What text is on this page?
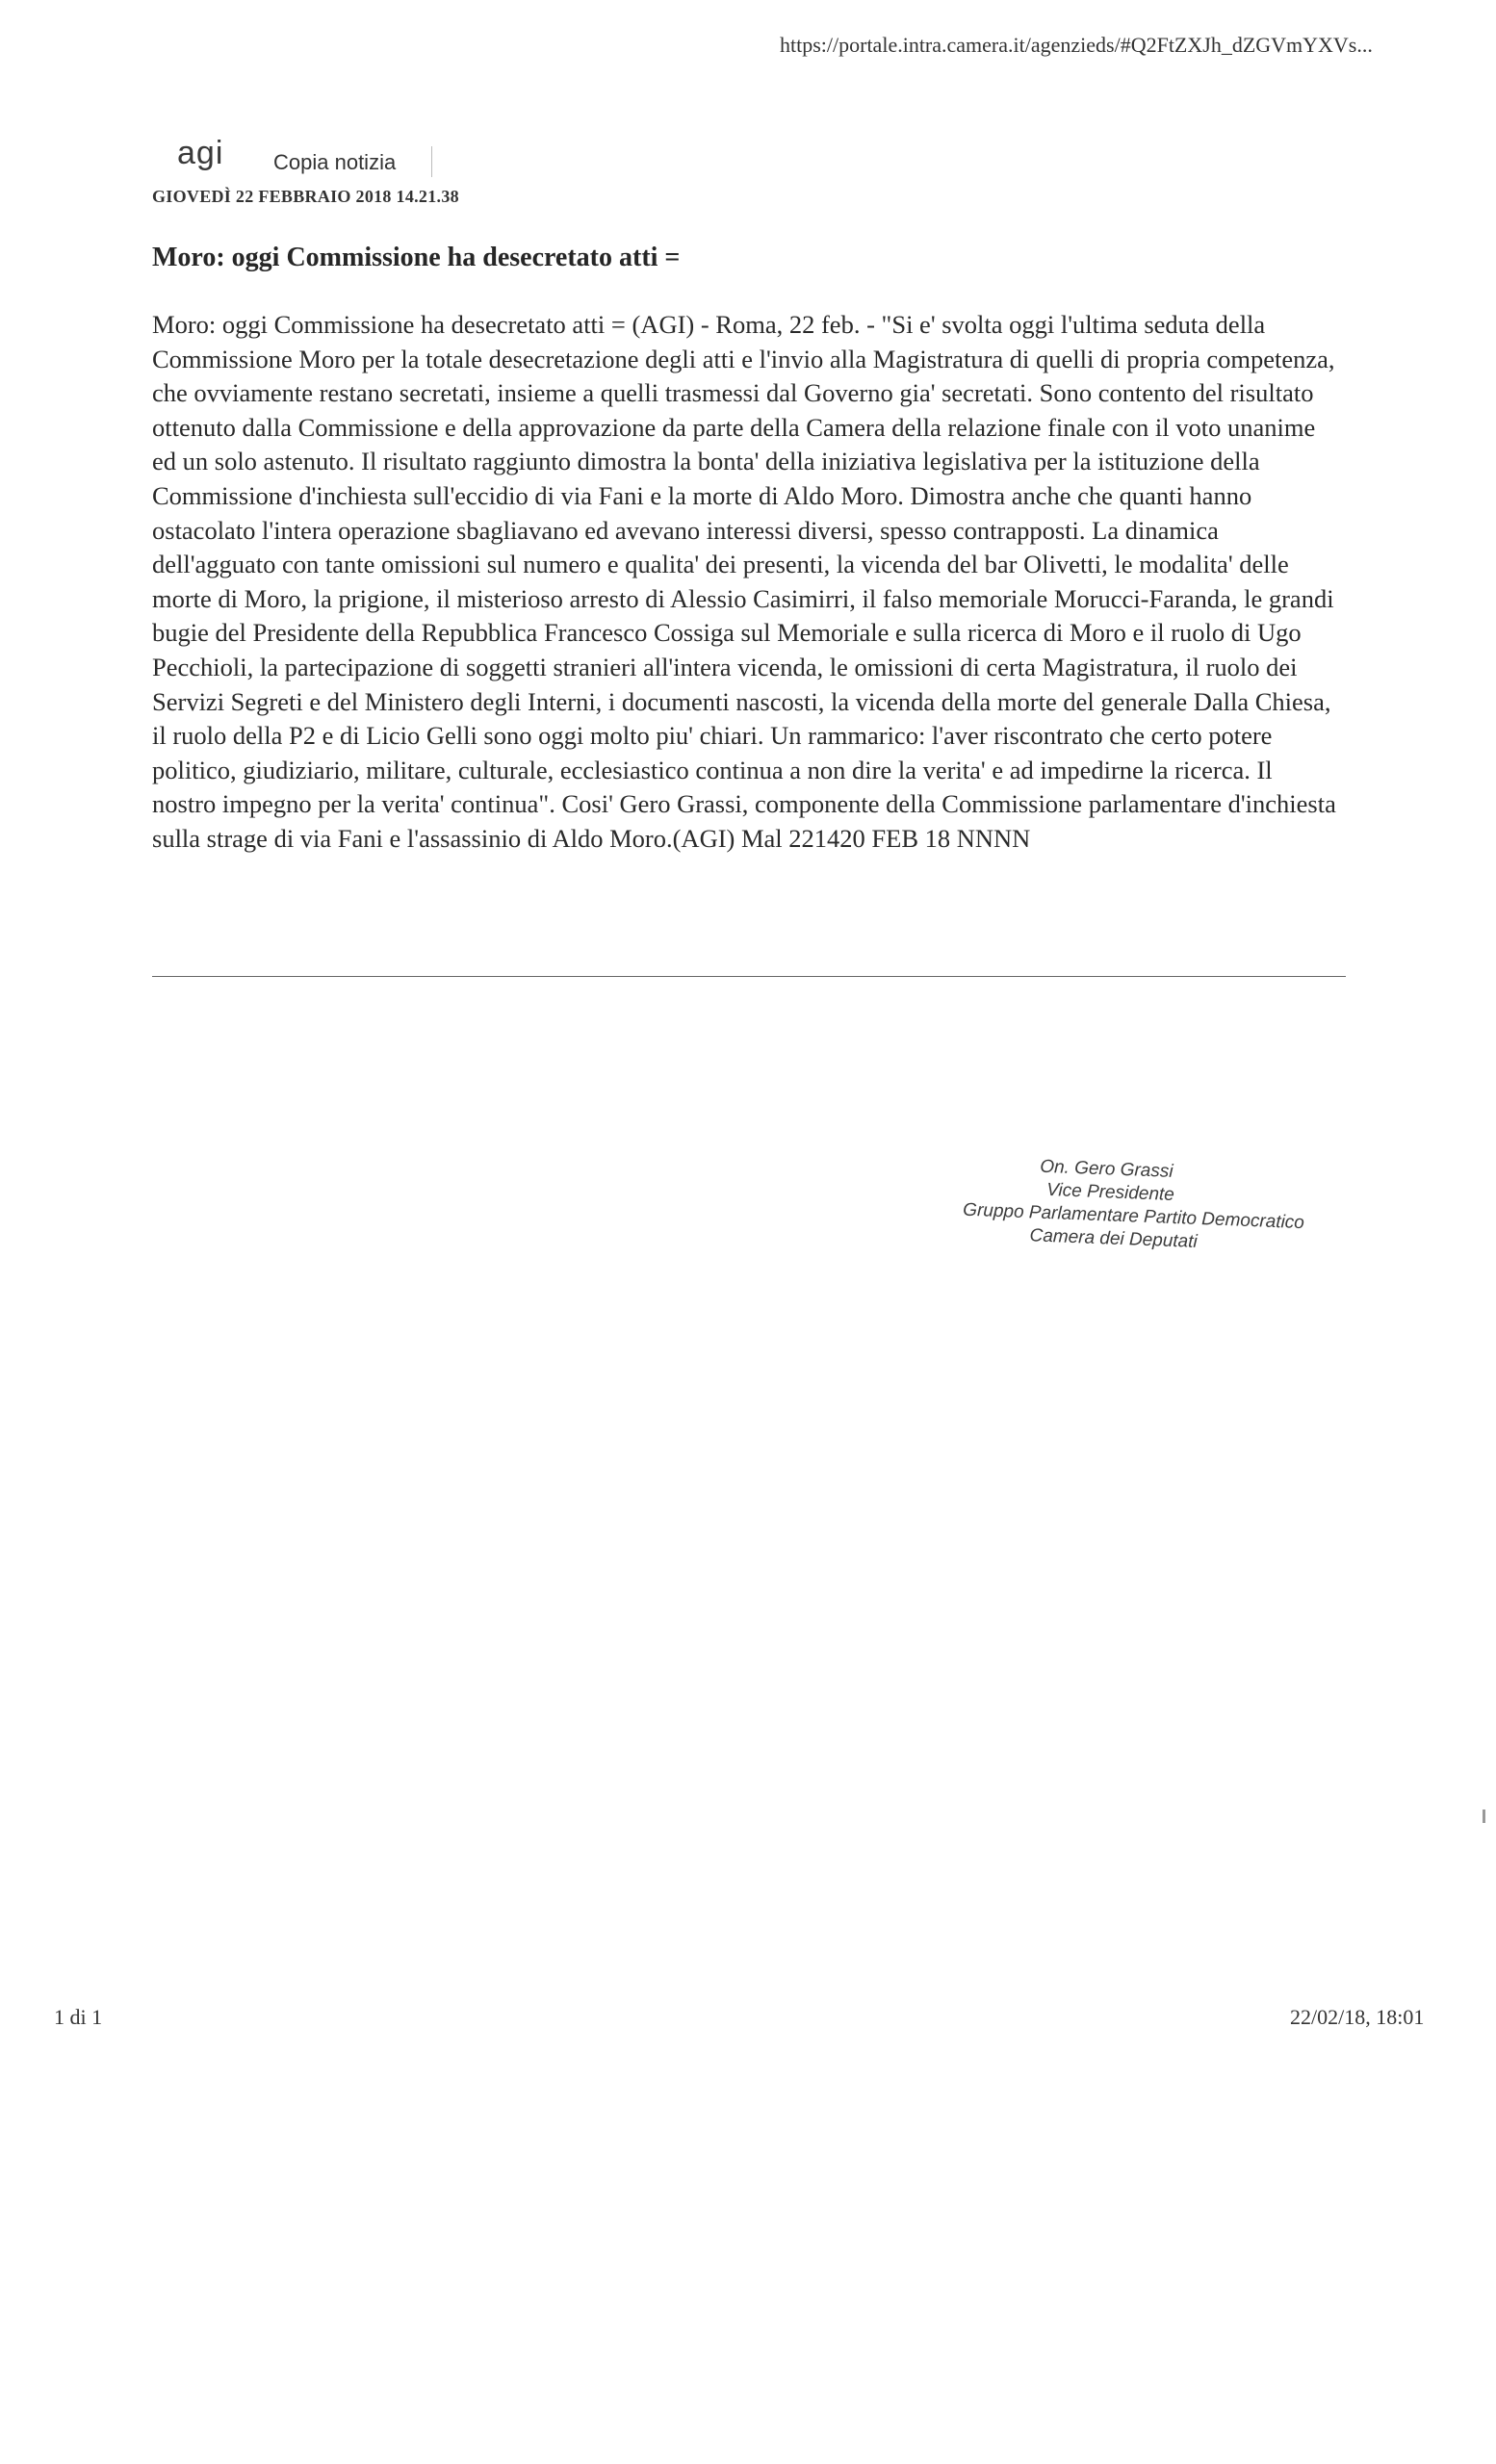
https://portale.intra.camera.it/agenzieds/#Q2FtZXJh_dZGVmYXVs...
agi Copia notizia
GIOVEDÌ 22 FEBBRAIO 2018 14.21.38
Moro: oggi Commissione ha desecretato atti =
Moro: oggi Commissione ha desecretato atti = (AGI) - Roma, 22 feb. - "Si e' svolta oggi l'ultima seduta della Commissione Moro per la totale desecretazione degli atti e l'invio alla Magistratura di quelli di propria competenza, che ovviamente restano secretati, insieme a quelli trasmessi dal Governo gia' secretati. Sono contento del risultato ottenuto dalla Commissione e della approvazione da parte della Camera della relazione finale con il voto unanime ed un solo astenuto. Il risultato raggiunto dimostra la bonta' della iniziativa legislativa per la istituzione della Commissione d'inchiesta sull'eccidio di via Fani e la morte di Aldo Moro. Dimostra anche che quanti hanno ostacolato l'intera operazione sbagliavano ed avevano interessi diversi, spesso contrapposti. La dinamica dell'agguato con tante omissioni sul numero e qualita' dei presenti, la vicenda del bar Olivetti, le modalita' delle morte di Moro, la prigione, il misterioso arresto di Alessio Casimirri, il falso memoriale Morucci-Faranda, le grandi bugie del Presidente della Repubblica Francesco Cossiga sul Memoriale e sulla ricerca di Moro e il ruolo di Ugo Pecchioli, la partecipazione di soggetti stranieri all'intera vicenda, le omissioni di certa Magistratura, il ruolo dei Servizi Segreti e del Ministero degli Interni, i documenti nascosti, la vicenda della morte del generale Dalla Chiesa, il ruolo della P2 e di Licio Gelli sono oggi molto piu' chiari. Un rammarico: l'aver riscontrato che certo potere politico, giudiziario, militare, culturale, ecclesiastico continua a non dire la verita' e ad impedirne la ricerca. Il nostro impegno per la verita' continua". Cosi' Gero Grassi, componente della Commissione parlamentare d'inchiesta sulla strage di via Fani e l'assassinio di Aldo Moro.(AGI) Mal 221420 FEB 18 NNNN
On. Gero Grassi
Vice Presidente
Gruppo Parlamentare Partito Democratico
Camera dei Deputati
1 di 1	22/02/18, 18:01
